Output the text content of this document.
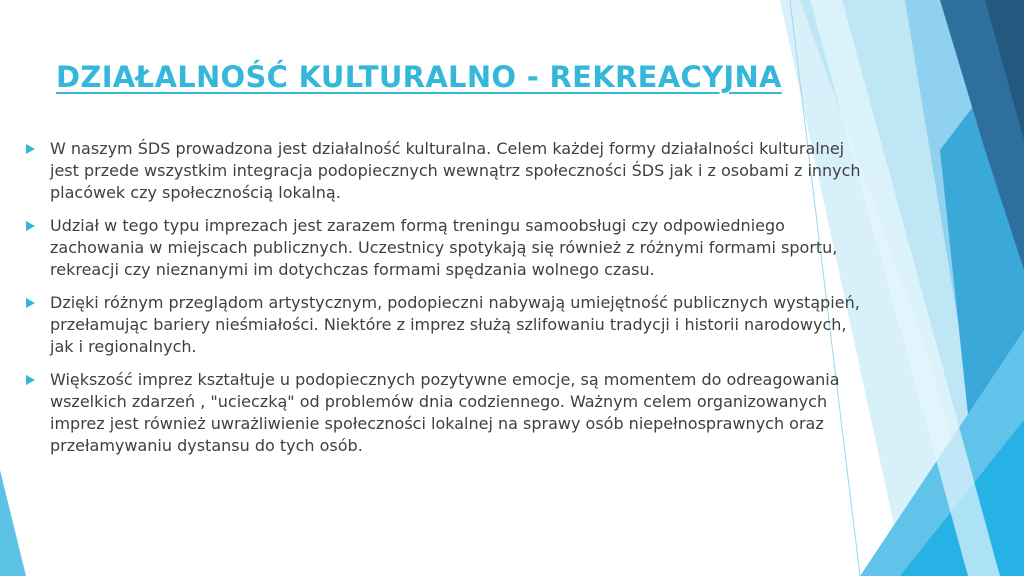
DZIAŁALNOŚĆ KULTURALNO - REKREACYJNA
W naszym ŚDS prowadzona jest działalność kulturalna. Celem każdej formy działalności kulturalnej jest przede wszystkim integracja podopiecznych wewnątrz społeczności ŚDS jak i z osobami z innych placówek czy społecznością lokalną.
Udział w tego typu imprezach jest zarazem formą treningu samoobsługi czy odpowiedniego zachowania w miejscach publicznych. Uczestnicy spotykają się również z różnymi formami sportu, rekreacji czy nieznanymi im dotychczas formami spędzania wolnego czasu.
Dzięki różnym przeglądom artystycznym, podopieczni nabywają umiejętność publicznych wystąpień, przełamując bariery nieśmiałości. Niektóre z imprez służą szlifowaniu tradycji i historii narodowych, jak i regionalnych.
Większość imprez kształtuje u podopiecznych pozytywne emocje, są momentem do odreagowania wszelkich zdarzeń , "ucieczką" od problemów dnia codziennego. Ważnym celem organizowanych imprez jest również uwrażliwienie społeczności lokalnej na sprawy osób niepełnosprawnych oraz przełamywaniu dystansu do tych osób.
